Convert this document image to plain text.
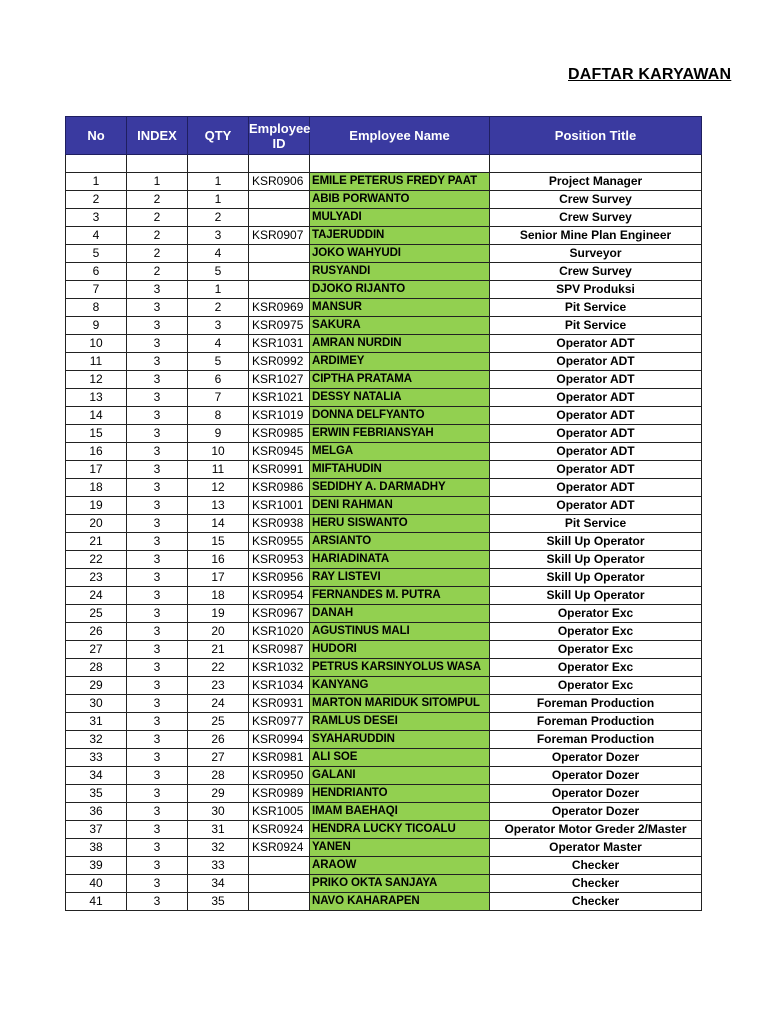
DAFTAR KARYAWAN
No	INDEX	QTY	Employee ID	Employee Name	Position Title

1	1	1	KSR0906	EMILE PETERUS FREDY PAAT	Project Manager
2	2	1		ABIB PORWANTO	Crew Survey
3	2	2		MULYADI	Crew Survey
4	2	3	KSR0907	TAJERUDDIN	Senior Mine Plan Engineer
5	2	4		JOKO WAHYUDI	Surveyor
6	2	5		RUSYANDI	Crew Survey
7	3	1		DJOKO RIJANTO	SPV Produksi
8	3	2	KSR0969	MANSUR	Pit Service
9	3	3	KSR0975	SAKURA	Pit Service
10	3	4	KSR1031	AMRAN NURDIN	Operator ADT
11	3	5	KSR0992	ARDIMEY	Operator ADT
12	3	6	KSR1027	CIPTHA PRATAMA	Operator ADT
13	3	7	KSR1021	DESSY NATALIA	Operator ADT
14	3	8	KSR1019	DONNA DELFYANTO	Operator ADT
15	3	9	KSR0985	ERWIN FEBRIANSYAH	Operator ADT
16	3	10	KSR0945	MELGA	Operator ADT
17	3	11	KSR0991	MIFTAHUDIN	Operator ADT
18	3	12	KSR0986	SEDIDHY A. DARMADHY	Operator ADT
19	3	13	KSR1001	DENI RAHMAN	Operator ADT
20	3	14	KSR0938	HERU SISWANTO	Pit Service
21	3	15	KSR0955	ARSIANTO	Skill Up Operator
22	3	16	KSR0953	HARIADINATA	Skill Up Operator
23	3	17	KSR0956	RAY LISTEVI	Skill Up Operator
24	3	18	KSR0954	FERNANDES M. PUTRA	Skill Up Operator
25	3	19	KSR0967	DANAH	Operator Exc
26	3	20	KSR1020	AGUSTINUS MALI	Operator Exc
27	3	21	KSR0987	HUDORI	Operator Exc
28	3	22	KSR1032	PETRUS KARSINYOLUS WASA	Operator Exc
29	3	23	KSR1034	KANYANG	Operator Exc
30	3	24	KSR0931	MARTON MARIDUK SITOMPUL	Foreman Production
31	3	25	KSR0977	RAMLUS DESEI	Foreman Production
32	3	26	KSR0994	SYAHARUDDIN	Foreman Production
33	3	27	KSR0981	ALI SOE	Operator Dozer
34	3	28	KSR0950	GALANI	Operator Dozer
35	3	29	KSR0989	HENDRIANTO	Operator Dozer
36	3	30	KSR1005	IMAM BAEHAQI	Operator Dozer
37	3	31	KSR0924	HENDRA LUCKY TICOALU	Operator Motor Greder 2/Master
38	3	32	KSR0924	YANEN	Operator Master
39	3	33		ARAOW	Checker
40	3	34		PRIKO OKTA SANJAYA	Checker
41	3	35		NAVO KAHARAPEN	Checker
